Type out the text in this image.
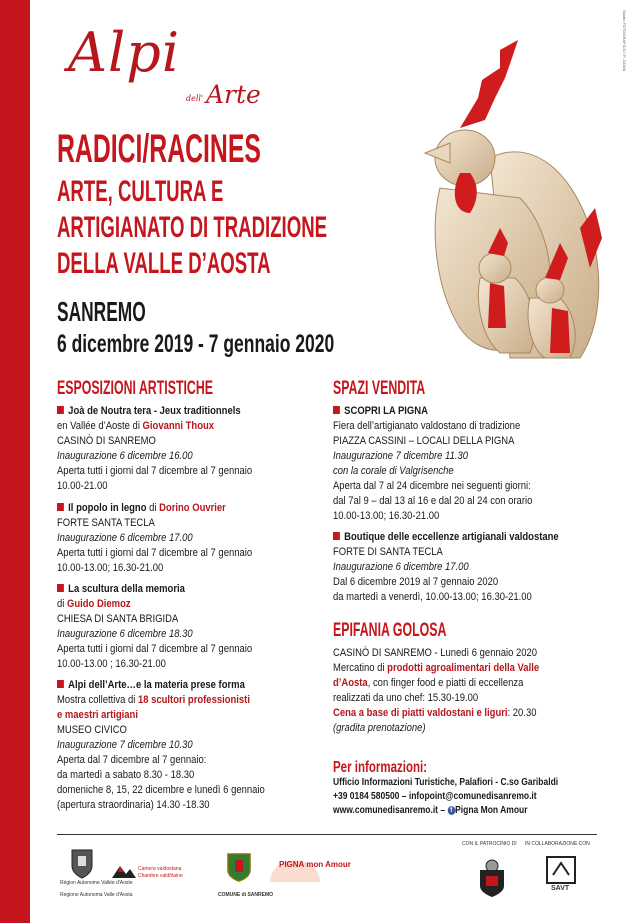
Studio FOTOGRAFICO / P. ZANNI
Alpi
dell' Arte
RADICI/RACINES
ARTE, CULTURA E
ARTIGIANATO DI TRADIZIONE
DELLA VALLE D’AOSTA
SANREMO
6 dicembre 2019 - 7 gennaio 2020
ESPOSIZIONI ARTISTICHE
Joà de Noutra tera - Jeux traditionnels
en Vallée d’Aoste di Giovanni Thoux
CASINÒ DI SANREMO
Inaugurazione 6 dicembre 16.00
Aperta tutti i giorni dal 7 dicembre al 7 gennaio
10.00-21.00
Il popolo in legno di Dorino Ouvrier
FORTE SANTA TECLA
Inaugurazione 6 dicembre 17.00
Aperta tutti i giorni dal 7 dicembre al 7 gennaio
10.00-13.00; 16.30-21.00
La scultura della memoria
di Guido Diemoz
CHIESA DI SANTA BRIGIDA
Inaugurazione 6 dicembre 18.30
Aperta tutti i giorni dal 7 dicembre al 7 gennaio
10.00-13.00 ; 16.30-21.00
Alpi dell’Arte…e la materia prese forma
Mostra collettiva di 18 scultori professionisti
e maestri artigiani
MUSEO CIVICO
Inaugurazione 7 dicembre 10.30
Aperta dal 7 dicembre al 7 gennaio:
da martedì a sabato 8.30 - 18.30
domeniche 8, 15, 22 dicembre e lunedì 6 gennaio
(apertura straordinaria) 14.30 -18.30
SPAZI VENDITA
SCOPRI LA PIGNA
Fiera dell’artigianato valdostano di tradizione
PIAZZA CASSINI – LOCALI DELLA PIGNA
Inaugurazione 7 dicembre 11.30
con la corale di Valgrisenche
Aperta dal 7 al 24 dicembre nei seguenti giorni:
dal 7al 9 – dal 13 al 16 e dal 20 al 24 con orario
10.00-13.00; 16.30-21.00
Boutique delle eccellenze artigianali valdostane
FORTE DI SANTA TECLA
Inaugurazione 6 dicembre 17.00
Dal 6 dicembre 2019 al 7 gennaio 2020
da martedì a venerdì, 10.00-13.00; 16.30-21.00
EPIFANIA GOLOSA
CASINÒ DI SANREMO - Lunedì 6 gennaio 2020
Mercatino di prodotti agroalimentari della Valle
d’Aosta, con finger food e piatti di eccellenza
realizzati da uno chef: 15.30-19.00
Cena a base di piatti valdostani e liguri: 20.30
(gradita prenotazione)
Per informazioni:
Ufficio Informazioni Turistiche, Palafiori - C.so Garibaldi
+39 0184 580500 – infopoint@comunedisanremo.it
www.comunedisanremo.it – f Pigna Mon Amour
CON IL PATROCINIO DI IN COLLABORAZIONE CON
Région Autonome Vallée d'Aoste
Regione Autonoma Valle d'Aosta
Camera valdostana
Chambre valdôtaine
COMUNE di SANREMO
PIGNA mon Amour
SAVT
